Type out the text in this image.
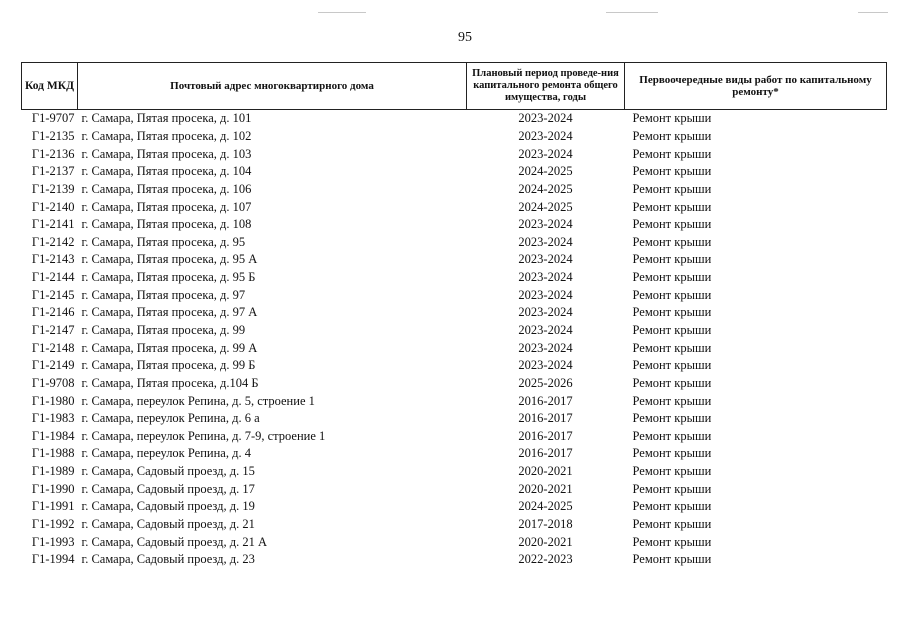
95
Код МКД	Почтовый адрес многоквартирного дома	Плановый период проведе-ния капитального ремонта общего имущества, годы	Первоочередные виды работ по капитальному ремонту*
Г1-9707	г. Самара, Пятая просека, д. 101	2023-2024	Ремонт крыши
Г1-2135	г. Самара, Пятая просека, д. 102	2023-2024	Ремонт крыши
Г1-2136	г. Самара, Пятая просека, д. 103	2023-2024	Ремонт крыши
Г1-2137	г. Самара, Пятая просека, д. 104	2024-2025	Ремонт крыши
Г1-2139	г. Самара, Пятая просека, д. 106	2024-2025	Ремонт крыши
Г1-2140	г. Самара, Пятая просека, д. 107	2024-2025	Ремонт крыши
Г1-2141	г. Самара, Пятая просека, д. 108	2023-2024	Ремонт крыши
Г1-2142	г. Самара, Пятая просека, д. 95	2023-2024	Ремонт крыши
Г1-2143	г. Самара, Пятая просека, д. 95 А	2023-2024	Ремонт крыши
Г1-2144	г. Самара, Пятая просека, д. 95 Б	2023-2024	Ремонт крыши
Г1-2145	г. Самара, Пятая просека, д. 97	2023-2024	Ремонт крыши
Г1-2146	г. Самара, Пятая просека, д. 97 А	2023-2024	Ремонт крыши
Г1-2147	г. Самара, Пятая просека, д. 99	2023-2024	Ремонт крыши
Г1-2148	г. Самара, Пятая просека, д. 99 А	2023-2024	Ремонт крыши
Г1-2149	г. Самара, Пятая просека, д. 99 Б	2023-2024	Ремонт крыши
Г1-9708	г. Самара, Пятая просека, д.104 Б	2025-2026	Ремонт крыши
Г1-1980	г. Самара, переулок Репина, д. 5, строение 1	2016-2017	Ремонт крыши
Г1-1983	г. Самара, переулок Репина, д. 6 а	2016-2017	Ремонт крыши
Г1-1984	г. Самара, переулок Репина, д. 7-9, строение 1	2016-2017	Ремонт крыши
Г1-1988	г. Самара, переулок Репина, д. 4	2016-2017	Ремонт крыши
Г1-1989	г. Самара, Садовый проезд, д. 15	2020-2021	Ремонт крыши
Г1-1990	г. Самара, Садовый проезд, д. 17	2020-2021	Ремонт крыши
Г1-1991	г. Самара, Садовый проезд, д. 19	2024-2025	Ремонт крыши
Г1-1992	г. Самара, Садовый проезд, д. 21	2017-2018	Ремонт крыши
Г1-1993	г. Самара, Садовый проезд, д. 21 А	2020-2021	Ремонт крыши
Г1-1994	г. Самара, Садовый проезд, д. 23	2022-2023	Ремонт крыши
